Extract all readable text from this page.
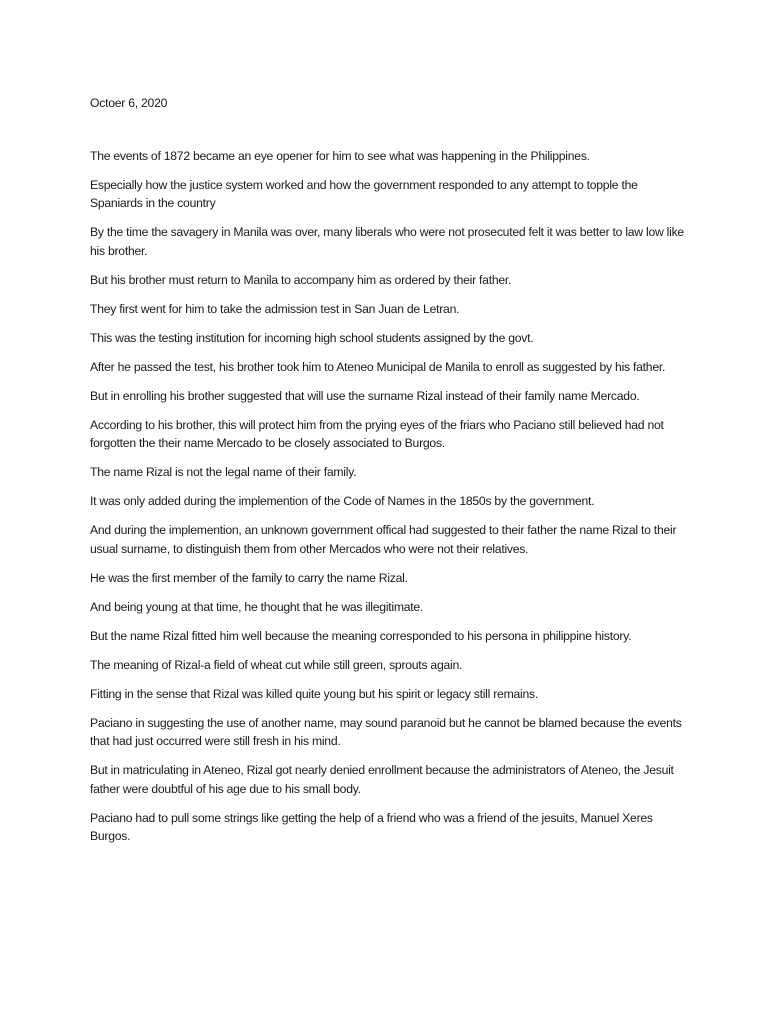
Octoer 6, 2020

The events of 1872 became an eye opener for him to see what was happening in the Philippines.

Especially how the justice system worked and how the government responded to any attempt to topple the Spaniards in the country

By the time the savagery in Manila was over, many liberals who were not prosecuted felt it was better to law low like his brother.

But his brother must return to Manila to accompany him as ordered by their father.

They first went for him to take the admission test in San Juan de Letran.

This was the testing institution for incoming high school students assigned by the govt.

After he passed the test, his brother took him to Ateneo Municipal de Manila to enroll as suggested by his father.

But in enrolling his brother suggested that will use the surname Rizal instead of their family name Mercado.

According to his brother, this will protect him from the prying eyes of the friars who Paciano still believed had not forgotten the their name Mercado to be closely associated to Burgos.

The name Rizal is not the legal name of their family.

It was only added during the implemention of the Code of Names in the 1850s by the government.

And during the implemention, an unknown government offical had suggested to their father the name Rizal to their usual surname, to distinguish them from other Mercados who were not their relatives.

He was the first member of the family to carry the name Rizal.

And being young at that time, he thought that he was illegitimate.

But the name Rizal fitted him well because the meaning corresponded to his persona in philippine history.

The meaning of Rizal-a field of wheat cut while still green, sprouts again.

Fitting in the sense that Rizal was killed quite young but his spirit or legacy still remains.

Paciano in suggesting the use of another name, may sound paranoid but he cannot be blamed because the events that had just occurred were still fresh in his mind.

But in matriculating in Ateneo, Rizal got nearly denied enrollment because the administrators of Ateneo, the Jesuit father were doubtful of his age due to his small body.

Paciano had to pull some strings like getting the help of a friend who was a friend of the jesuits, Manuel Xeres Burgos.
